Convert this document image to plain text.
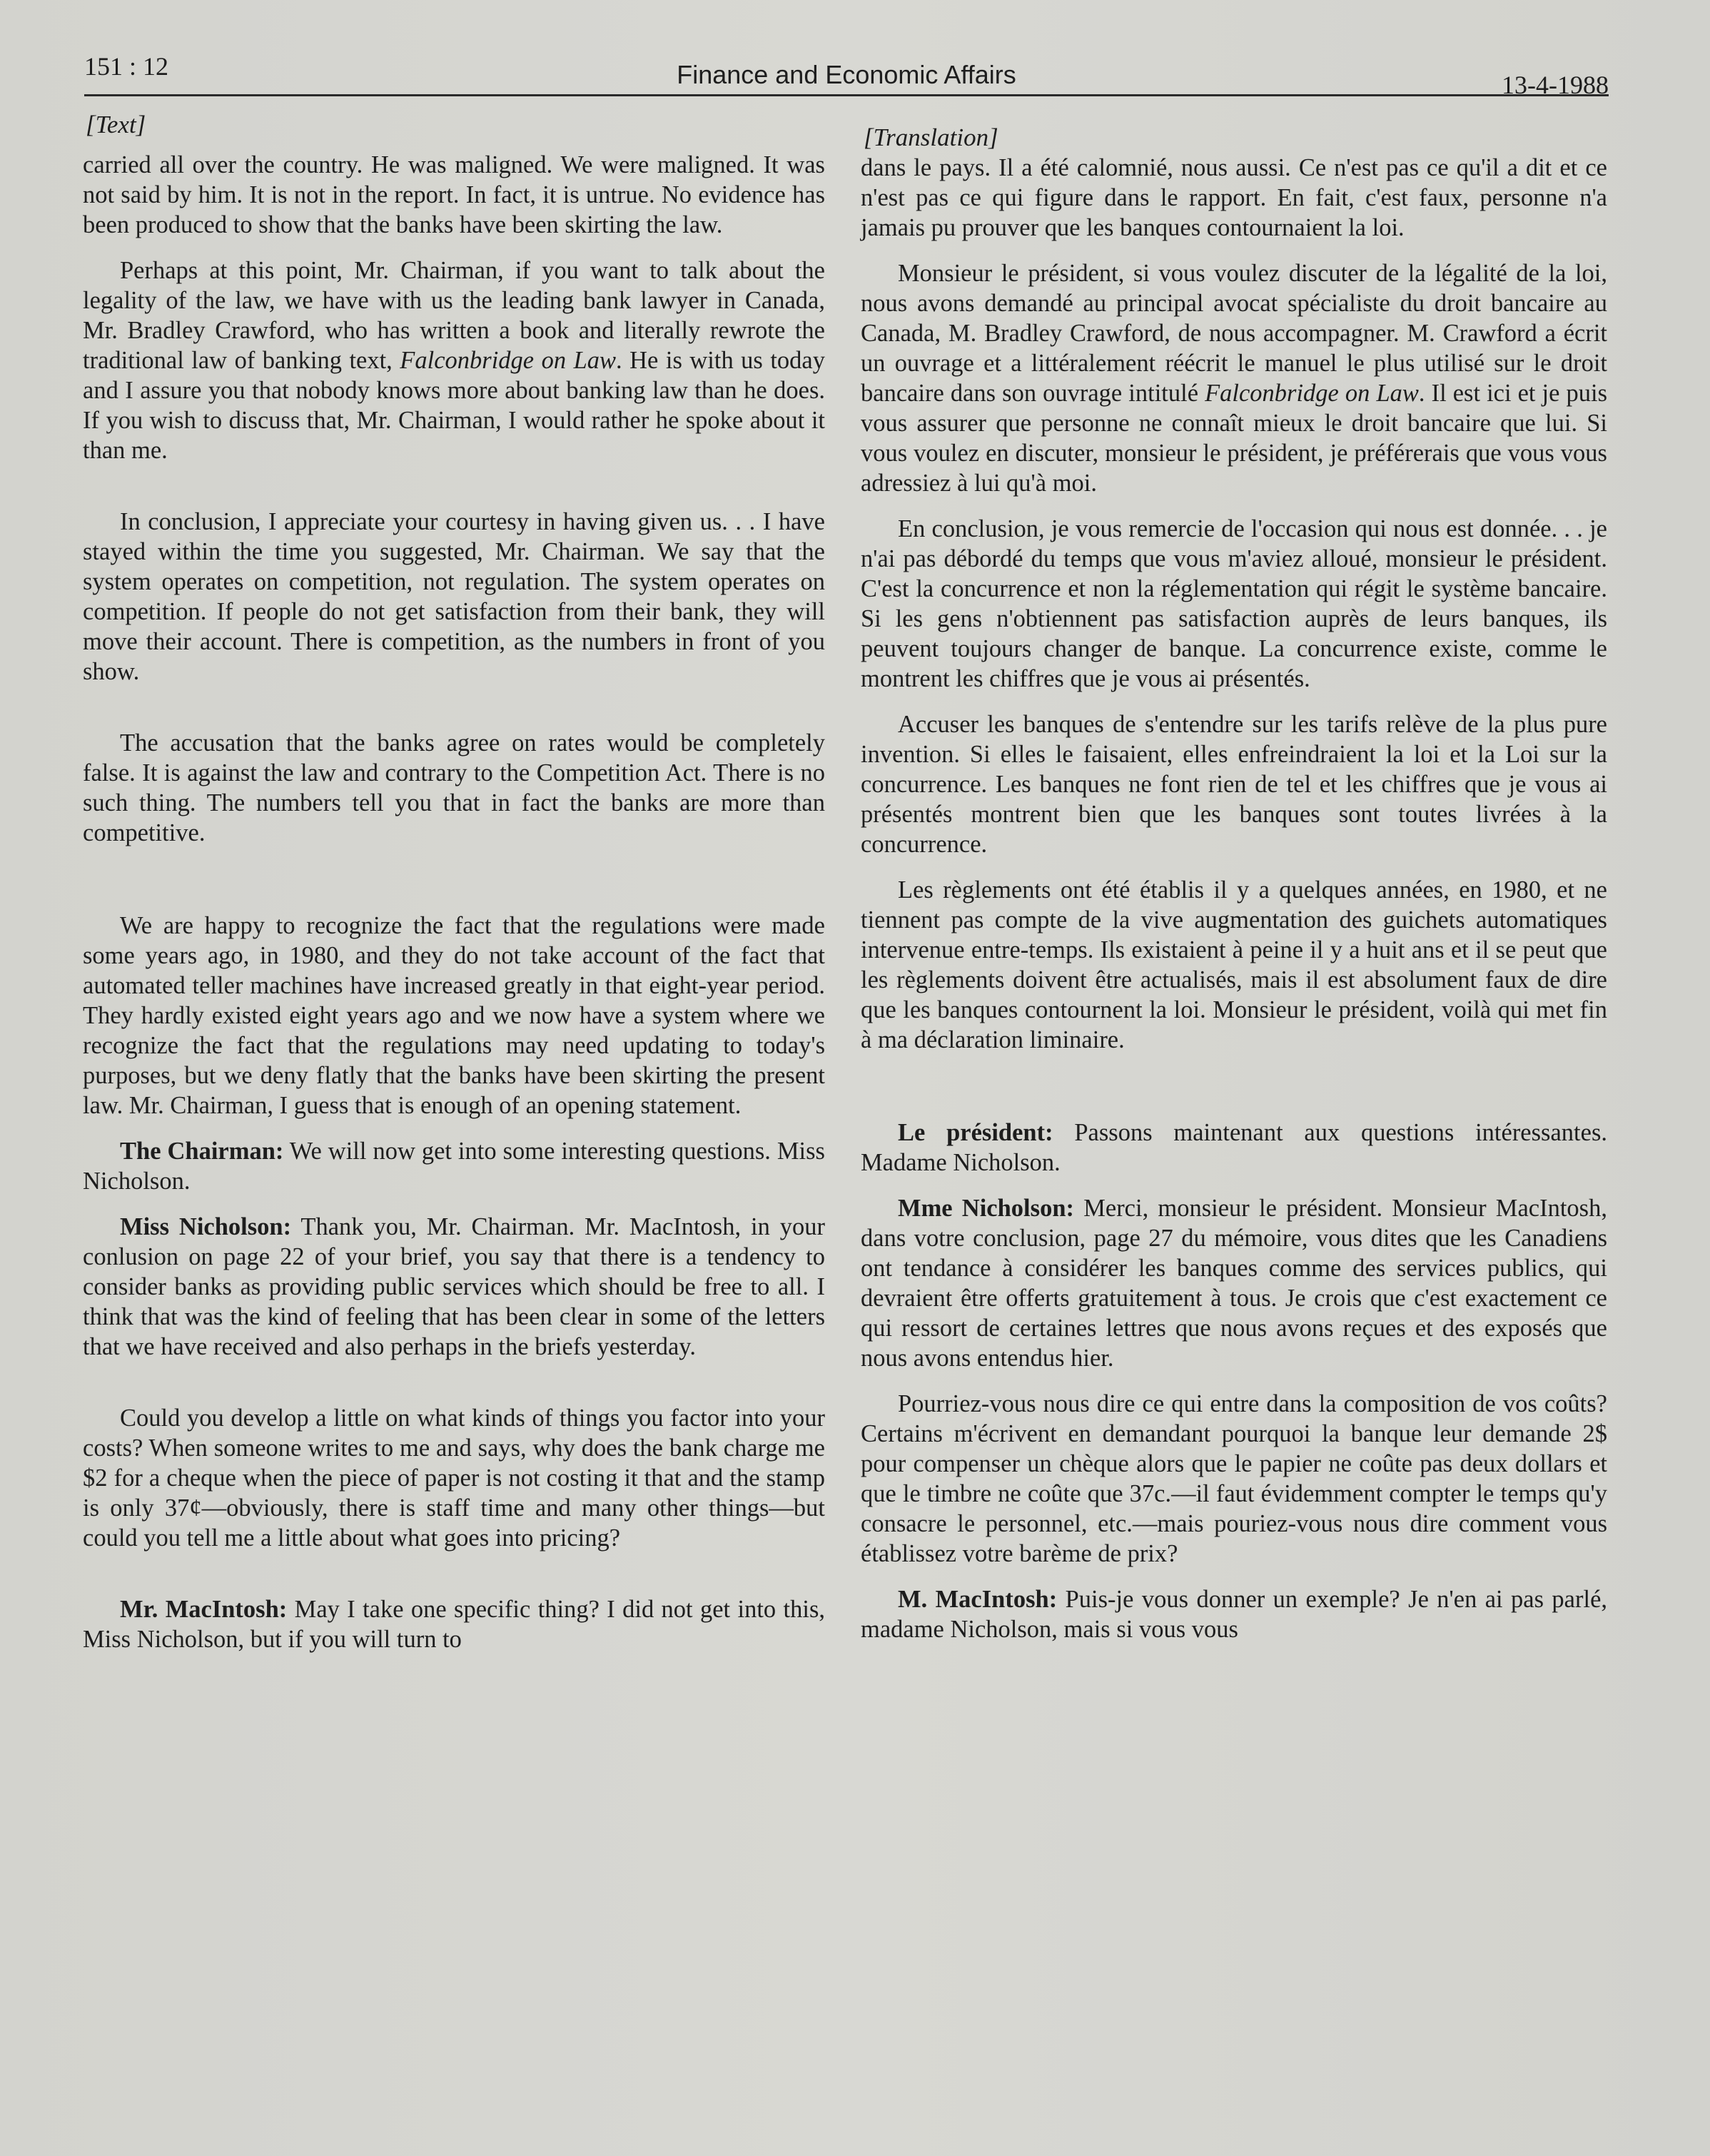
151 : 12	Finance and Economic Affairs	13-4-1988
[Text]

carried all over the country. He was maligned. We were maligned. It was not said by him. It is not in the report. In fact, it is untrue. No evidence has been produced to show that the banks have been skirting the law.

Perhaps at this point, Mr. Chairman, if you want to talk about the legality of the law, we have with us the leading bank lawyer in Canada, Mr. Bradley Crawford, who has written a book and literally rewrote the traditional law of banking text, Falconbridge on Law. He is with us today and I assure you that nobody knows more about banking law than he does. If you wish to discuss that, Mr. Chairman, I would rather he spoke about it than me.

In conclusion, I appreciate your courtesy in having given us. . . I have stayed within the time you suggested, Mr. Chairman. We say that the system operates on competition, not regulation. The system operates on competition. If people do not get satisfaction from their bank, they will move their account. There is competition, as the numbers in front of you show.

The accusation that the banks agree on rates would be completely false. It is against the law and contrary to the Competition Act. There is no such thing. The numbers tell you that in fact the banks are more than competitive.

We are happy to recognize the fact that the regulations were made some years ago, in 1980, and they do not take account of the fact that automated teller machines have increased greatly in that eight-year period. They hardly existed eight years ago and we now have a system where we recognize the fact that the regulations may need updating to today's purposes, but we deny flatly that the banks have been skirting the present law. Mr. Chairman, I guess that is enough of an opening statement.

The Chairman: We will now get into some interesting questions. Miss Nicholson.

Miss Nicholson: Thank you, Mr. Chairman. Mr. MacIntosh, in your conlusion on page 22 of your brief, you say that there is a tendency to consider banks as providing public services which should be free to all. I think that was the kind of feeling that has been clear in some of the letters that we have received and also perhaps in the briefs yesterday.

Could you develop a little on what kinds of things you factor into your costs? When someone writes to me and says, why does the bank charge me $2 for a cheque when the piece of paper is not costing it that and the stamp is only 37¢—obviously, there is staff time and many other things—but could you tell me a little about what goes into pricing?

Mr. MacIntosh: May I take one specific thing? I did not get into this, Miss Nicholson, but if you will turn to

[Translation]

dans le pays. Il a été calomnié, nous aussi. Ce n'est pas ce qu'il a dit et ce n'est pas ce qui figure dans le rapport. En fait, c'est faux, personne n'a jamais pu prouver que les banques contournaient la loi.

Monsieur le président, si vous voulez discuter de la légalité de la loi, nous avons demandé au principal avocat spécialiste du droit bancaire au Canada, M. Bradley Crawford, de nous accompagner. M. Crawford a écrit un ouvrage et a littéralement réécrit le manuel le plus utilisé sur le droit bancaire dans son ouvrage intitulé Falconbridge on Law. Il est ici et je puis vous assurer que personne ne connaît mieux le droit bancaire que lui. Si vous voulez en discuter, monsieur le président, je préférerais que vous vous adressiez à lui qu'à moi.

En conclusion, je vous remercie de l'occasion qui nous est donnée. . . je n'ai pas débordé du temps que vous m'aviez alloué, monsieur le président. C'est la concurrence et non la réglementation qui régit le système bancaire. Si les gens n'obtiennent pas satisfaction auprès de leurs banques, ils peuvent toujours changer de banque. La concurrence existe, comme le montrent les chiffres que je vous ai présentés.

Accuser les banques de s'entendre sur les tarifs relève de la plus pure invention. Si elles le faisaient, elles enfreindraient la loi et la Loi sur la concurrence. Les banques ne font rien de tel et les chiffres que je vous ai présentés montrent bien que les banques sont toutes livrées à la concurrence.

Les règlements ont été établis il y a quelques années, en 1980, et ne tiennent pas compte de la vive augmentation des guichets automatiques intervenue entre-temps. Ils existaient à peine il y a huit ans et il se peut que les règlements doivent être actualisés, mais il est absolument faux de dire que les banques contournent la loi. Monsieur le président, voilà qui met fin à ma déclaration liminaire.

Le président: Passons maintenant aux questions intéressantes. Madame Nicholson.

Mme Nicholson: Merci, monsieur le président. Monsieur MacIntosh, dans votre conclusion, page 27 du mémoire, vous dites que les Canadiens ont tendance à considérer les banques comme des services publics, qui devraient être offerts gratuitement à tous. Je crois que c'est exactement ce qui ressort de certaines lettres que nous avons reçues et des exposés que nous avons entendus hier.

Pourriez-vous nous dire ce qui entre dans la composition de vos coûts? Certains m'écrivent en demandant pourquoi la banque leur demande 2$ pour compenser un chèque alors que le papier ne coûte pas deux dollars et que le timbre ne coûte que 37c.—il faut évidemment compter le temps qu'y consacre le personnel, etc.—mais pouriez-vous nous dire comment vous établissez votre barème de prix?

M. MacIntosh: Puis-je vous donner un exemple? Je n'en ai pas parlé, madame Nicholson, mais si vous vous
